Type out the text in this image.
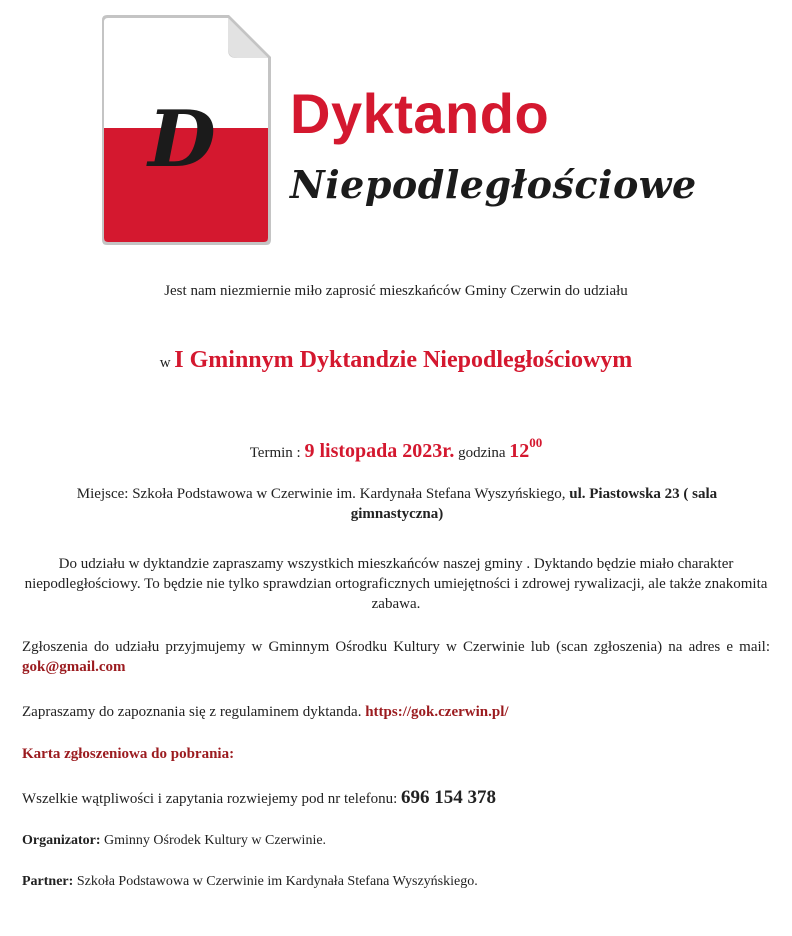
D Dyktando
Niepodległościowe
Jest nam niezmiernie miło zaprosić mieszkańców Gminy Czerwin do udziału
w I Gminnym Dyktandzie Niepodległościowym
Termin : 9 listopada 2023r. godzina $12^{00}$
Miejsce: Szkoła Podstawowa w Czerwinie im. Kardynała Stefana Wyszyńskiego, ul. Piastowska 23 ( sala gimnastyczna)
Do udziału w dyktandzie zapraszamy wszystkich mieszkańców naszej gminy . Dyktando będzie miało charakter niepodległościowy. To będzie nie tylko sprawdzian ortograficznych umiejętności i zdrowej rywalizacji, ale także znakomita zabawa.
Zgłoszenia do udziału przyjmujemy w Gminnym Ośrodku Kultury w Czerwinie lub (scan zgłoszenia) na adres e mail: gok@gmail.com
Zapraszamy do zapoznania się z regulaminem dyktanda. https://gok.czerwin.pl/
Karta zgłoszeniowa do pobrania:
Wszelkie wątpliwości i zapytania rozwiejemy pod nr telefonu: 696 154 378
Organizator: Gminny Ośrodek Kultury w Czerwinie.
Partner: Szkoła Podstawowa w Czerwinie im Kardynała Stefana Wyszyńskiego.
